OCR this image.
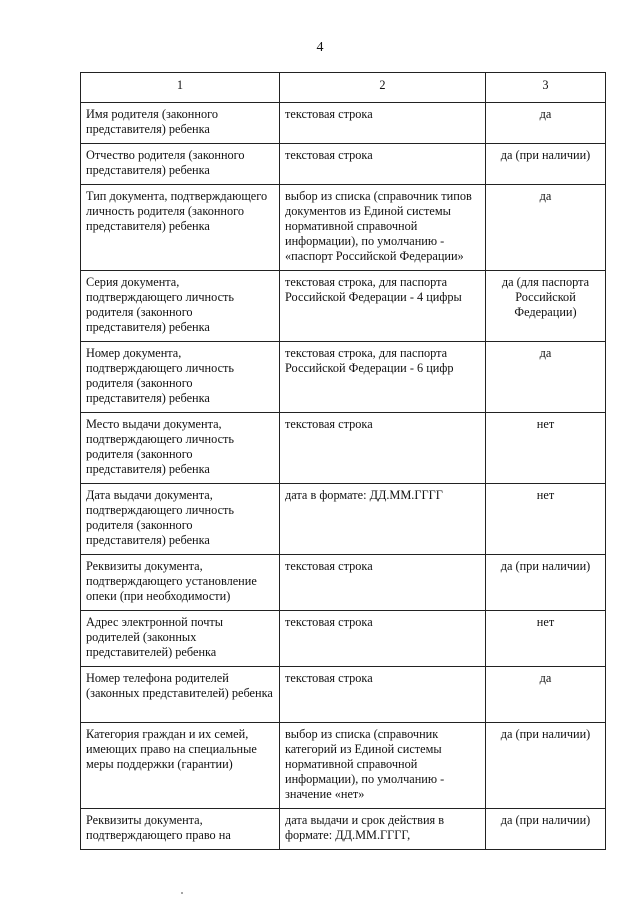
4
1	2	3
Имя родителя (законного представителя) ребенка	текстовая строка	да
Отчество родителя (законного представителя) ребенка	текстовая строка	да (при наличии)
Тип документа, подтверждающего личность родителя (законного представителя) ребенка	выбор из списка (справочник типов документов из Единой системы нормативной справочной информации), по умолчанию - «паспорт Российской Федерации»	да
Серия документа, подтверждающего личность родителя (законного представителя) ребенка	текстовая строка, для паспорта Российской Федерации - 4 цифры	да (для паспорта Российской Федерации)
Номер документа, подтверждающего личность родителя (законного представителя) ребенка	текстовая строка, для паспорта Российской Федерации - 6 цифр	да
Место выдачи документа, подтверждающего личность родителя (законного представителя) ребенка	текстовая строка	нет
Дата выдачи документа, подтверждающего личность родителя (законного представителя) ребенка	дата в формате: ДД.ММ.ГГГГ	нет
Реквизиты документа, подтверждающего установление опеки (при необходимости)	текстовая строка	да (при наличии)
Адрес электронной почты родителей (законных представителей) ребенка	текстовая строка	нет
Номер телефона родителей (законных представителей) ребенка	текстовая строка	да
Категория граждан и их семей, имеющих право на специальные меры поддержки (гарантии)	выбор из списка (справочник категорий из Единой системы нормативной справочной информации), по умолчанию - значение «нет»	да (при наличии)
Реквизиты документа, подтверждающего право на	дата выдачи и срок действия в формате: ДД.ММ.ГГГГ,	да (при наличии)
